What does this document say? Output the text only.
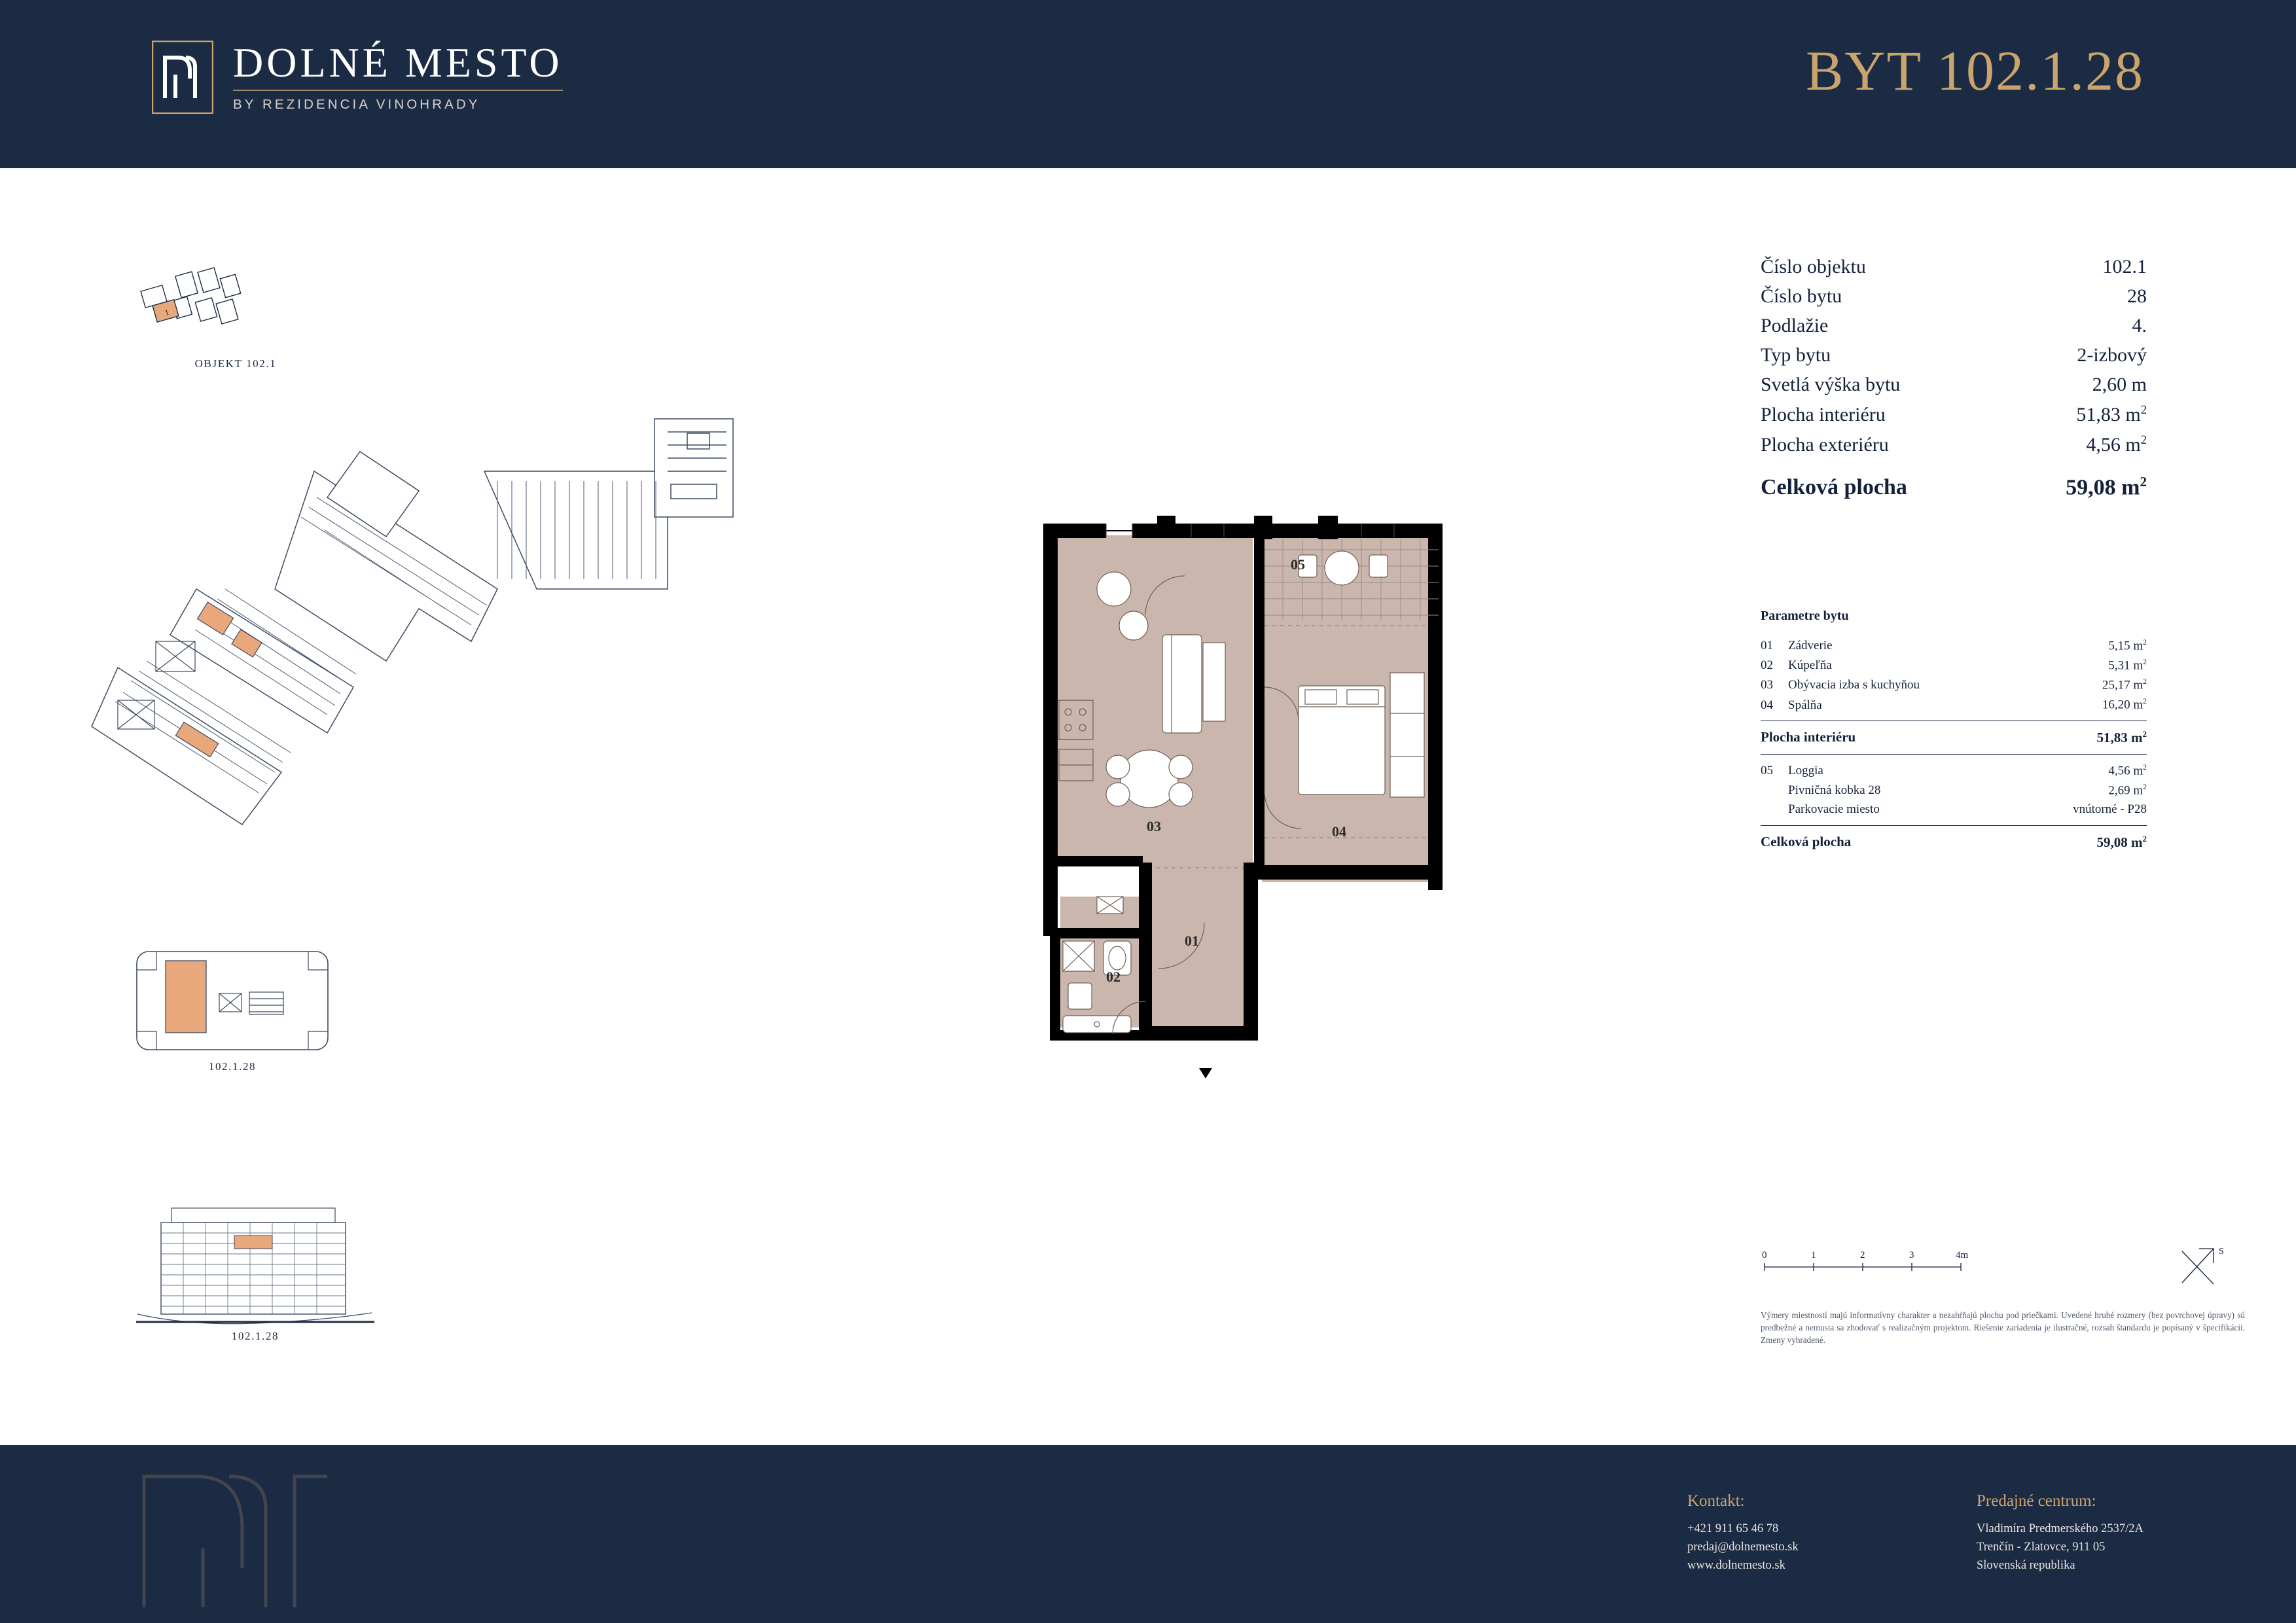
DOLNÉ MESTO
BY REZIDENCIA VINOHRADY
BYT 102.1.28
Číslo objektu	102.1
Číslo bytu	28
Podlažie	4.
Typ bytu	2-izbový
Svetlá výška bytu	2,60 m
Plocha interiéru	51,83 $m^2$
Plocha exteriéru	4,56 $m^2$
Celková plocha	59,08 $m^2$
Parametre bytu
01	Zádverie	5,15 $m^2$
02	Kúpeľňa	5,31 $m^2$
03	Obývacia izba s kuchyňou	25,17 $m^2$
04	Spálňa	16,20 $m^2$
Plocha interiéru	51,83 $m^2$
05	Loggia	4,56 $m^2$
Pivničná kobka 28	2,69 $m^2$
Parkovacie miesto	vnútorné - P28
Celková plocha	59,08 $m^2$
1
OBJEKT 102.1
102.1.28
102.1.28
03	04
05
01
02
0	1	2	3	4m	S
Výmery miestností majú informatívny charakter a nezahŕňajú plochu pod priečkami. Uvedené hrubé rozmery (bez povrchovej úpravy) sú predbežné a nemusia sa zhodovať s realizačným projektom. Riešenie zariadenia je ilustračné, rozsah štandardu je popísaný v špecifikácii. Zmeny vyhradené.
Kontakt:
+421 911 65 46 78
predaj@dolnemesto.sk
www.dolnemesto.sk
Predajné centrum:
Vladimíra Predmerského 2537/2A
Trenčín - Zlatovce, 911 05
Slovenská republika
